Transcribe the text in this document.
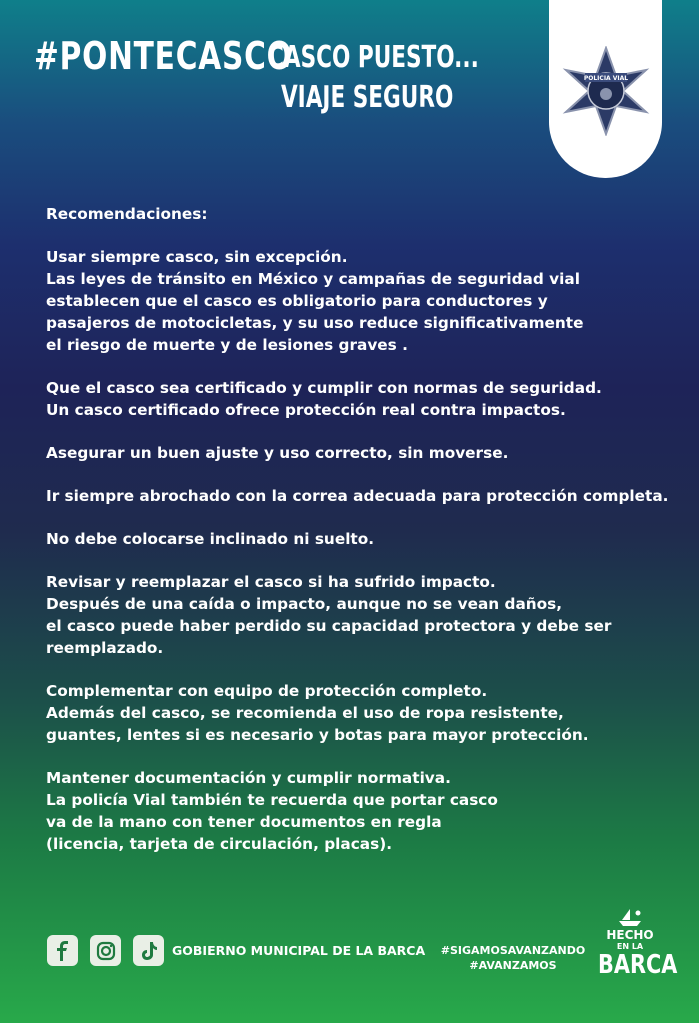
#PONTECASCO
CASCO PUESTO...
VIAJE SEGURO
POLICIA VIAL

Recomendaciones:

Usar siempre casco, sin excepción.
Las leyes de tránsito en México y campañas de seguridad vial
establecen que el casco es obligatorio para conductores y
pasajeros de motocicletas, y su uso reduce significativamente
el riesgo de muerte y de lesiones graves .

Que el casco sea certificado y cumplir con normas de seguridad.
Un casco certificado ofrece protección real contra impactos.

Asegurar un buen ajuste y uso correcto, sin moverse.

Ir siempre abrochado con la correa adecuada para protección completa.

No debe colocarse inclinado ni suelto.

Revisar y reemplazar el casco si ha sufrido impacto.
Después de una caída o impacto, aunque no se vean daños,
el casco puede haber perdido su capacidad protectora y debe ser
reemplazado.

Complementar con equipo de protección completo.
Además del casco, se recomienda el uso de ropa resistente,
guantes, lentes si es necesario y botas para mayor protección.

Mantener documentación y cumplir normativa.
La policía Vial también te recuerda que portar casco
va de la mano con tener documentos en regla
(licencia, tarjeta de circulación, placas).

GOBIERNO MUNICIPAL DE LA BARCA	#SIGAMOSAVANZANDO
#AVANZAMOS
HECHO
EN LA
BARCA
